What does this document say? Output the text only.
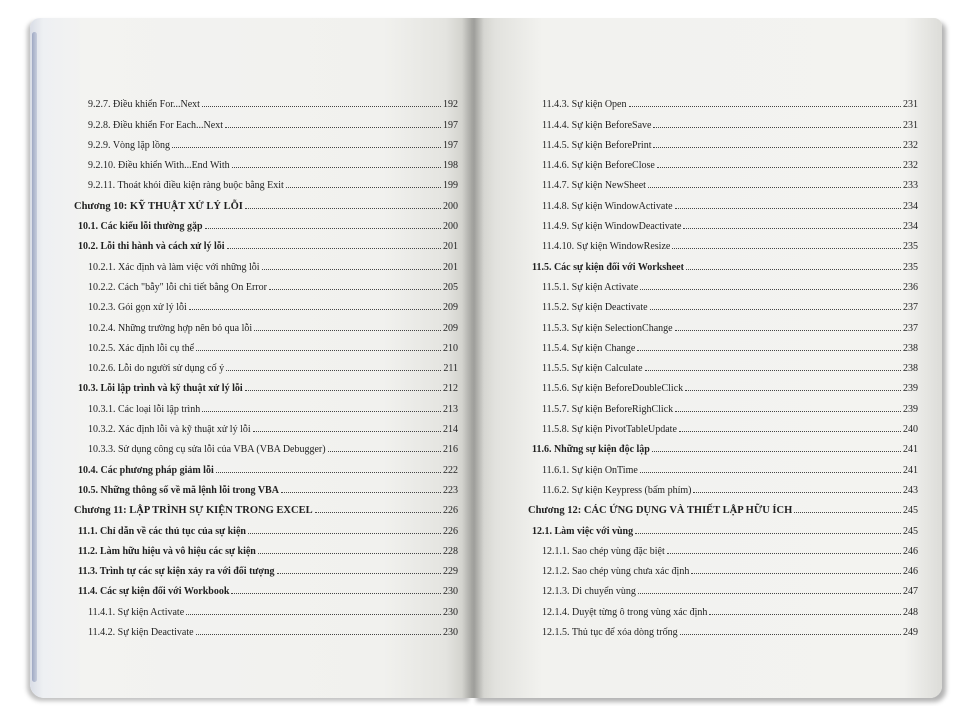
9.2.7. Điều khiển For...Next	192
9.2.8. Điều khiển For Each...Next	197
9.2.9. Vòng lặp lồng	197
9.2.10. Điều khiển With...End With	198
9.2.11. Thoát khỏi điều kiện ràng buộc bằng Exit	199
Chương 10: KỸ THUẬT XỬ LÝ LỖI	200
10.1. Các kiểu lỗi thường gặp	200
10.2. Lỗi thi hành và cách xử lý lỗi	201
10.2.1. Xác định và làm việc với những lỗi	201
10.2.2. Cách "bẫy" lỗi chi tiết bằng On Error	205
10.2.3. Gói gọn xử lý lỗi	209
10.2.4. Những trường hợp nên bỏ qua lỗi	209
10.2.5. Xác định lỗi cụ thể	210
10.2.6. Lỗi do người sử dụng cố ý	211
10.3. Lỗi lập trình và kỹ thuật xử lý lỗi	212
10.3.1. Các loại lỗi lập trình	213
10.3.2. Xác định lỗi và kỹ thuật xử lý lỗi	214
10.3.3. Sử dụng công cụ sửa lỗi của VBA (VBA Debugger)	216
10.4. Các phương pháp giảm lỗi	222
10.5. Những thông số về mã lệnh lỗi trong VBA	223
Chương 11: LẬP TRÌNH SỰ KIỆN TRONG EXCEL	226
11.1. Chỉ dẫn về các thủ tục của sự kiện	226
11.2. Làm hữu hiệu và vô hiệu các sự kiện	228
11.3. Trình tự các sự kiện xảy ra với đối tượng	229
11.4. Các sự kiện đối với Workbook	230
11.4.1. Sự kiện Activate	230
11.4.2. Sự kiện Deactivate	230
11.4.3. Sự kiện Open	231
11.4.4. Sự kiện BeforeSave	231
11.4.5. Sự kiện BeforePrint	232
11.4.6. Sự kiện BeforeClose	232
11.4.7. Sự kiện NewSheet	233
11.4.8. Sự kiện WindowActivate	234
11.4.9. Sự kiện WindowDeactivate	234
11.4.10. Sự kiện WindowResize	235
11.5. Các sự kiện đối với Worksheet	235
11.5.1. Sự kiện Activate	236
11.5.2. Sự kiện Deactivate	237
11.5.3. Sự kiện SelectionChange	237
11.5.4. Sự kiện Change	238
11.5.5. Sự kiện Calculate	238
11.5.6. Sự kiện BeforeDoubleClick	239
11.5.7. Sự kiện BeforeRighClick	239
11.5.8. Sự kiện PivotTableUpdate	240
11.6. Những sự kiện độc lập	241
11.6.1. Sự kiện OnTime	241
11.6.2. Sự kiện Keypress (bấm phím)	243
Chương 12: CÁC ỨNG DỤNG VÀ THIẾT LẬP HỮU ÍCH	245
12.1. Làm việc với vùng	245
12.1.1. Sao chép vùng đặc biệt	246
12.1.2. Sao chép vùng chưa xác định	246
12.1.3. Di chuyển vùng	247
12.1.4. Duyệt từng ô trong vùng xác định	248
12.1.5. Thủ tục để xóa dòng trống	249
